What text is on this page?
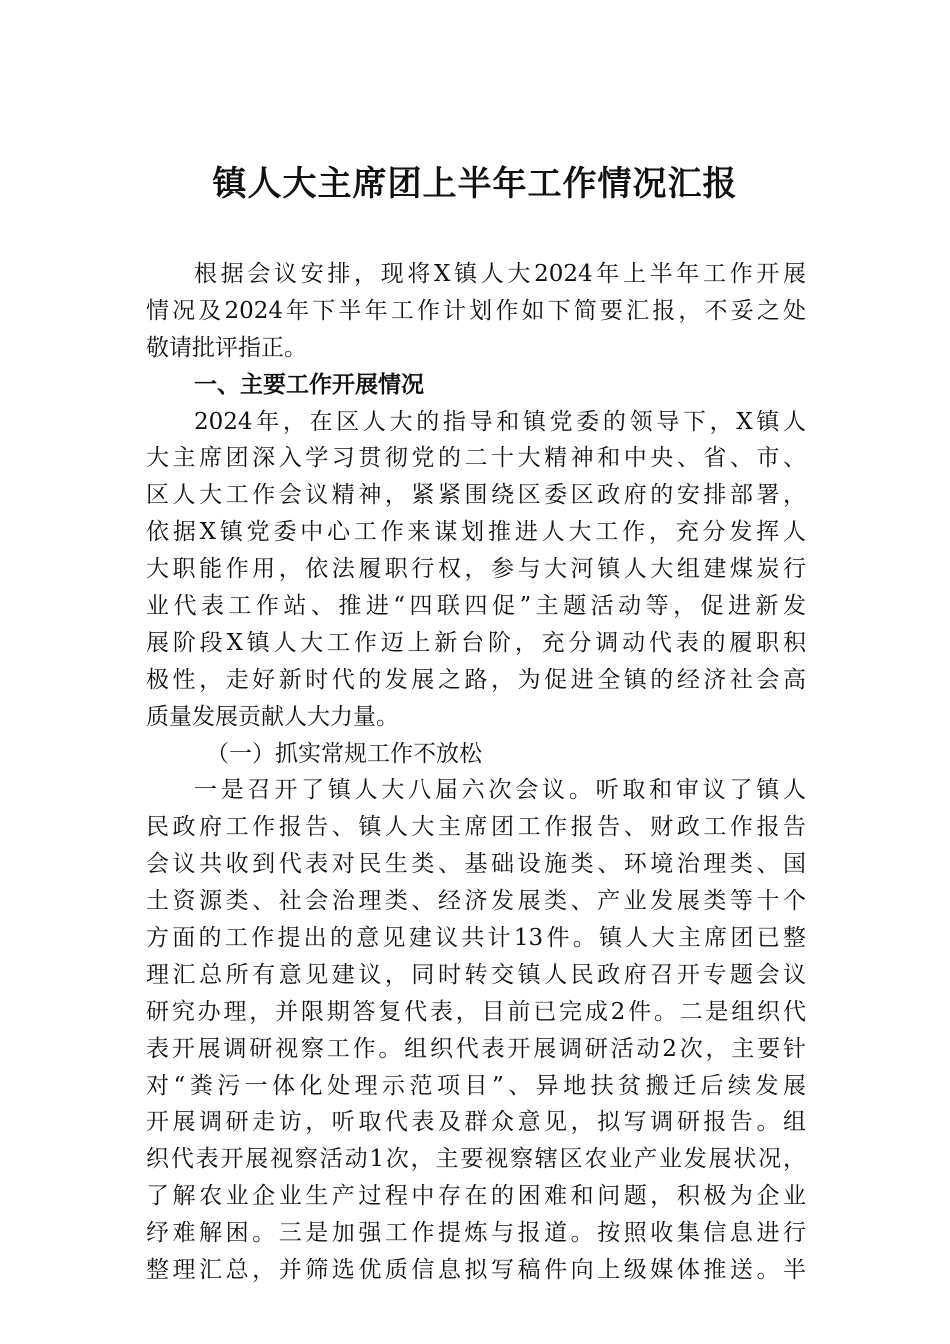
镇人大主席团上半年工作情况汇报
根据会议安排，现将X镇人大2024年上半年工作开展
情况及2024年下半年工作计划作如下简要汇报，不妥之处
敬请批评指正。
一、主要工作开展情况
2024年，在区人大的指导和镇党委的领导下，X镇人
大主席团深入学习贯彻党的二十大精神和中央、省、市、
区人大工作会议精神，紧紧围绕区委区政府的安排部署，
依据X镇党委中心工作来谋划推进人大工作，充分发挥人
大职能作用，依法履职行权，参与大河镇人大组建煤炭行
业代表工作站、推进“四联四促”主题活动等，促进新发
展阶段X镇人大工作迈上新台阶，充分调动代表的履职积
极性，走好新时代的发展之路，为促进全镇的经济社会高
质量发展贡献人大力量。
（一）抓实常规工作不放松
一是召开了镇人大八届六次会议。听取和审议了镇人
民政府工作报告、镇人大主席团工作报告、财政工作报告
会议共收到代表对民生类、基础设施类、环境治理类、国
土资源类、社会治理类、经济发展类、产业发展类等十个
方面的工作提出的意见建议共计13件。镇人大主席团已整
理汇总所有意见建议，同时转交镇人民政府召开专题会议
研究办理，并限期答复代表，目前已完成2件。二是组织代
表开展调研视察工作。组织代表开展调研活动2次，主要针
对“粪污一体化处理示范项目”、异地扶贫搬迁后续发展
开展调研走访，听取代表及群众意见，拟写调研报告。组
织代表开展视察活动1次，主要视察辖区农业产业发展状况，
了解农业企业生产过程中存在的困难和问题，积极为企业
纾难解困。三是加强工作提炼与报道。按照收集信息进行
整理汇总，并筛选优质信息拟写稿件向上级媒体推送。半
